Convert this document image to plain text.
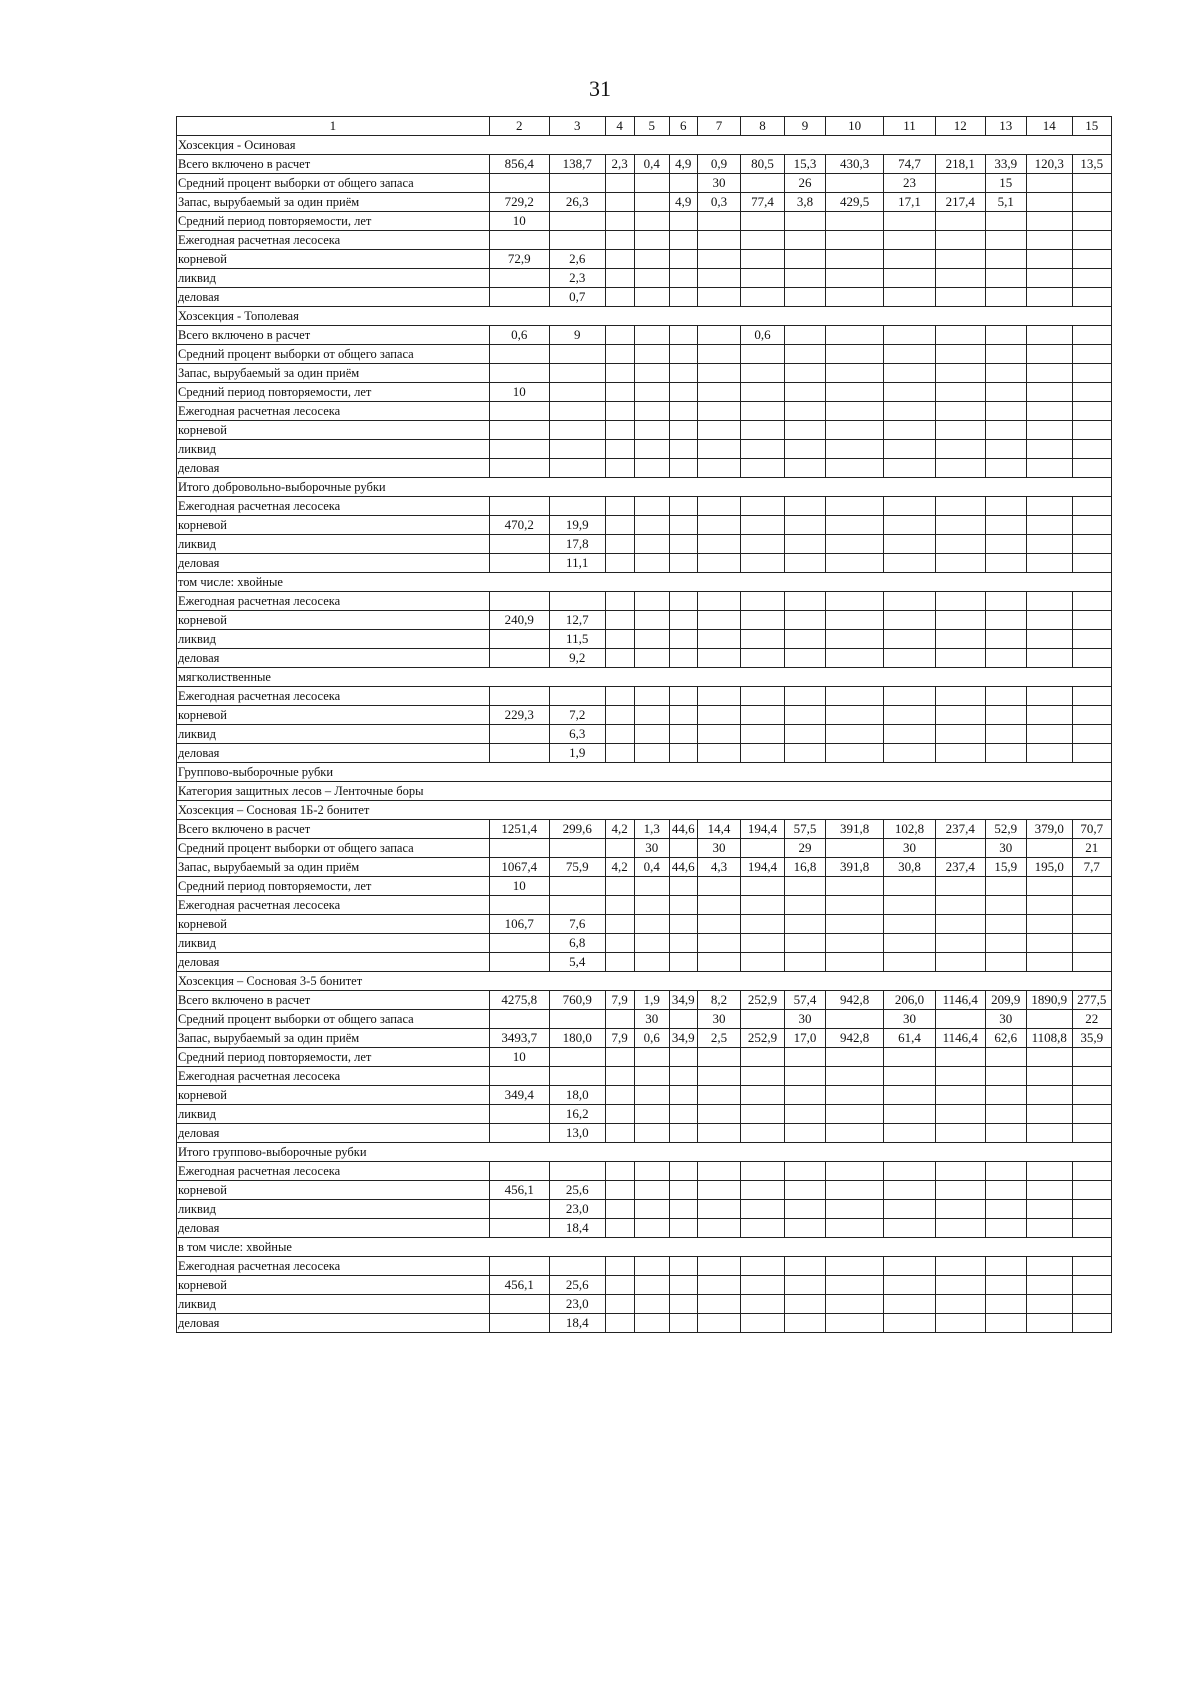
31
1	2	3	4	5	6	7	8	9	10	11	12	13	14	15
Хозсекция - Осиновая														
Всего включено в расчет	856,4	138,7	2,3	0,4	4,9	0,9	80,5	15,3	430,3	74,7	218,1	33,9	120,3	13,5
Средний процент выборки от общего запаса						30		26		23		15		
Запас, вырубаемый за один приём	729,2	26,3			4,9	0,3	77,4	3,8	429,5	17,1	217,4	5,1		
Средний период повторяемости, лет	10													
Ежегодная расчетная лесосека														
корневой	72,9	2,6												
ликвид		2,3												
деловая		0,7												
Хозсекция - Тополевая														
Всего включено в расчет	0,6	9					0,6							
Средний процент выборки от общего запаса														
Запас, вырубаемый за один приём														
Средний период повторяемости, лет	10													
Ежегодная расчетная лесосека														
корневой														
ликвид														
деловая														
Итого добровольно-выборочные рубки														
Ежегодная расчетная лесосека														
корневой	470,2	19,9												
ликвид		17,8												
деловая		11,1												
том числе: хвойные														
Ежегодная расчетная лесосека														
корневой	240,9	12,7												
ликвид		11,5												
деловая		9,2												
мягколиственные														
Ежегодная расчетная лесосека														
корневой	229,3	7,2												
ликвид		6,3												
деловая		1,9												
Группово-выборочные рубки														
Категория защитных лесов – Ленточные боры														
Хозсекция – Сосновая 1Б-2 бонитет														
Всего включено в расчет	1251,4	299,6	4,2	1,3	44,6	14,4	194,4	57,5	391,8	102,8	237,4	52,9	379,0	70,7
Средний процент выборки от общего запаса				30		30		29		30		30		21
Запас, вырубаемый за один приём	1067,4	75,9	4,2	0,4	44,6	4,3	194,4	16,8	391,8	30,8	237,4	15,9	195,0	7,7
Средний период повторяемости, лет	10													
Ежегодная расчетная лесосека														
корневой	106,7	7,6												
ликвид		6,8												
деловая		5,4												
Хозсекция – Сосновая 3-5 бонитет														
Всего включено в расчет	4275,8	760,9	7,9	1,9	34,9	8,2	252,9	57,4	942,8	206,0	1146,4	209,9	1890,9	277,5
Средний процент выборки от общего запаса				30		30		30		30		30		22
Запас, вырубаемый за один приём	3493,7	180,0	7,9	0,6	34,9	2,5	252,9	17,0	942,8	61,4	1146,4	62,6	1108,8	35,9
Средний период повторяемости, лет	10													
Ежегодная расчетная лесосека														
корневой	349,4	18,0												
ликвид		16,2												
деловая		13,0												
Итого группово-выборочные рубки														
Ежегодная расчетная лесосека														
корневой	456,1	25,6												
ликвид		23,0												
деловая		18,4												
в том числе: хвойные														
Ежегодная расчетная лесосека														
корневой	456,1	25,6												
ликвид		23,0												
деловая		18,4												
